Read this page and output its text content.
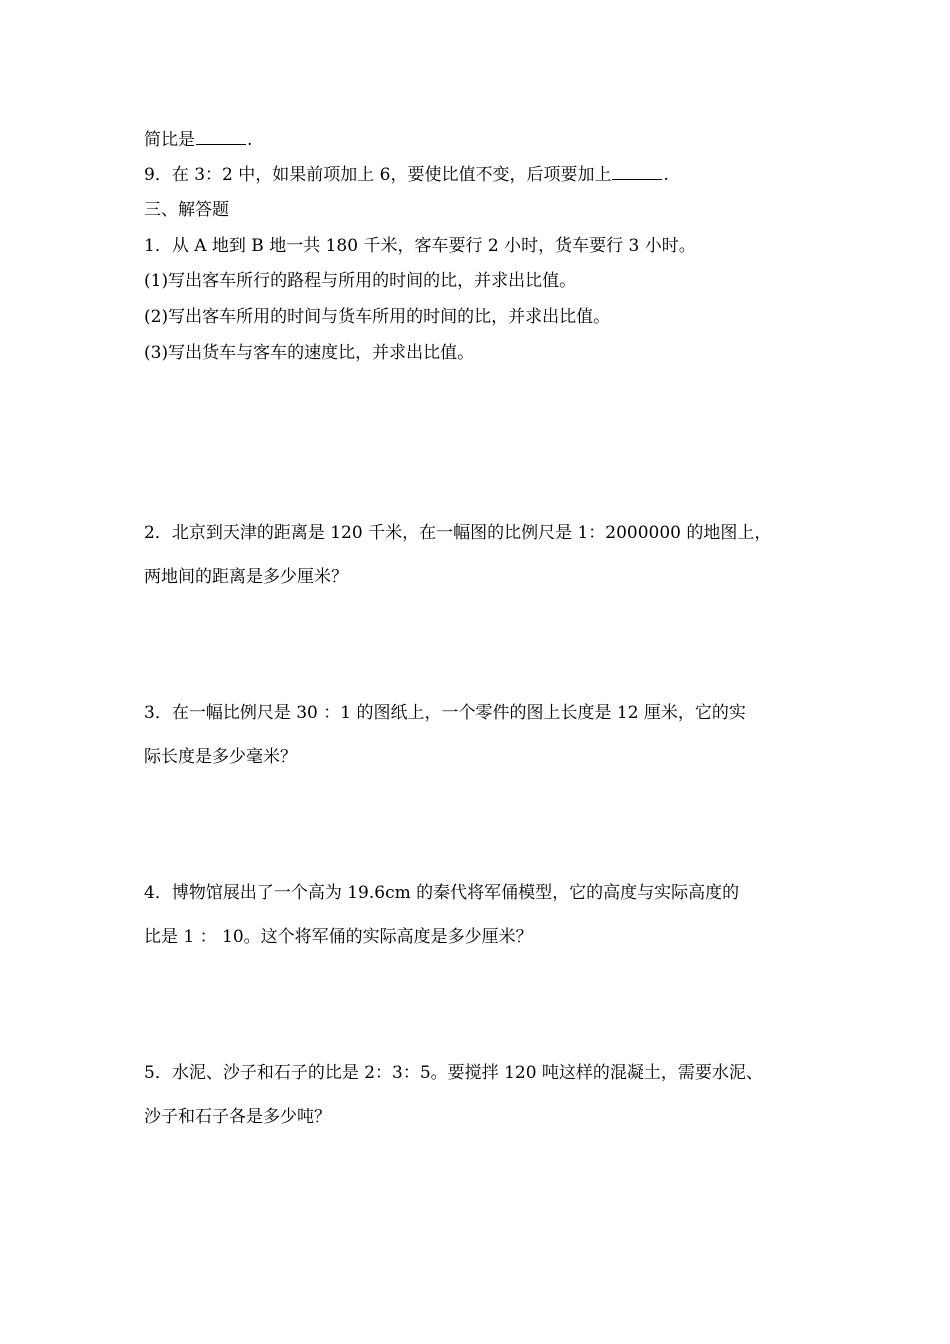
简比是	.
9．在 3：2 中，如果前项加上 6，要使比值不变，后项要加上	.
三、解答题
1．从 A 地到 B 地一共 180 千米，客车要行 2 小时，货车要行 3 小时。
(1)写出客车所行的路程与所用的时间的比，并求出比值。
(2)写出客车所用的时间与货车所用的时间的比，并求出比值。
(3)写出货车与客车的速度比，并求出比值。
2．北京到天津的距离是 120 千米，在一幅图的比例尺是 1：2000000 的地图上，
两地间的距离是多少厘米？
3．在一幅比例尺是 30 ：1 的图纸上，一个零件的图上长度是 12 厘米，它的实
际长度是多少毫米？
4．博物馆展出了一个高为 19.6cm 的秦代将军俑模型，它的高度与实际高度的
比是 1 ： 10。这个将军俑的实际高度是多少厘米？
5．水泥、沙子和石子的比是 2：3：5。要搅拌 120 吨这样的混凝土，需要水泥、
沙子和石子各是多少吨？
